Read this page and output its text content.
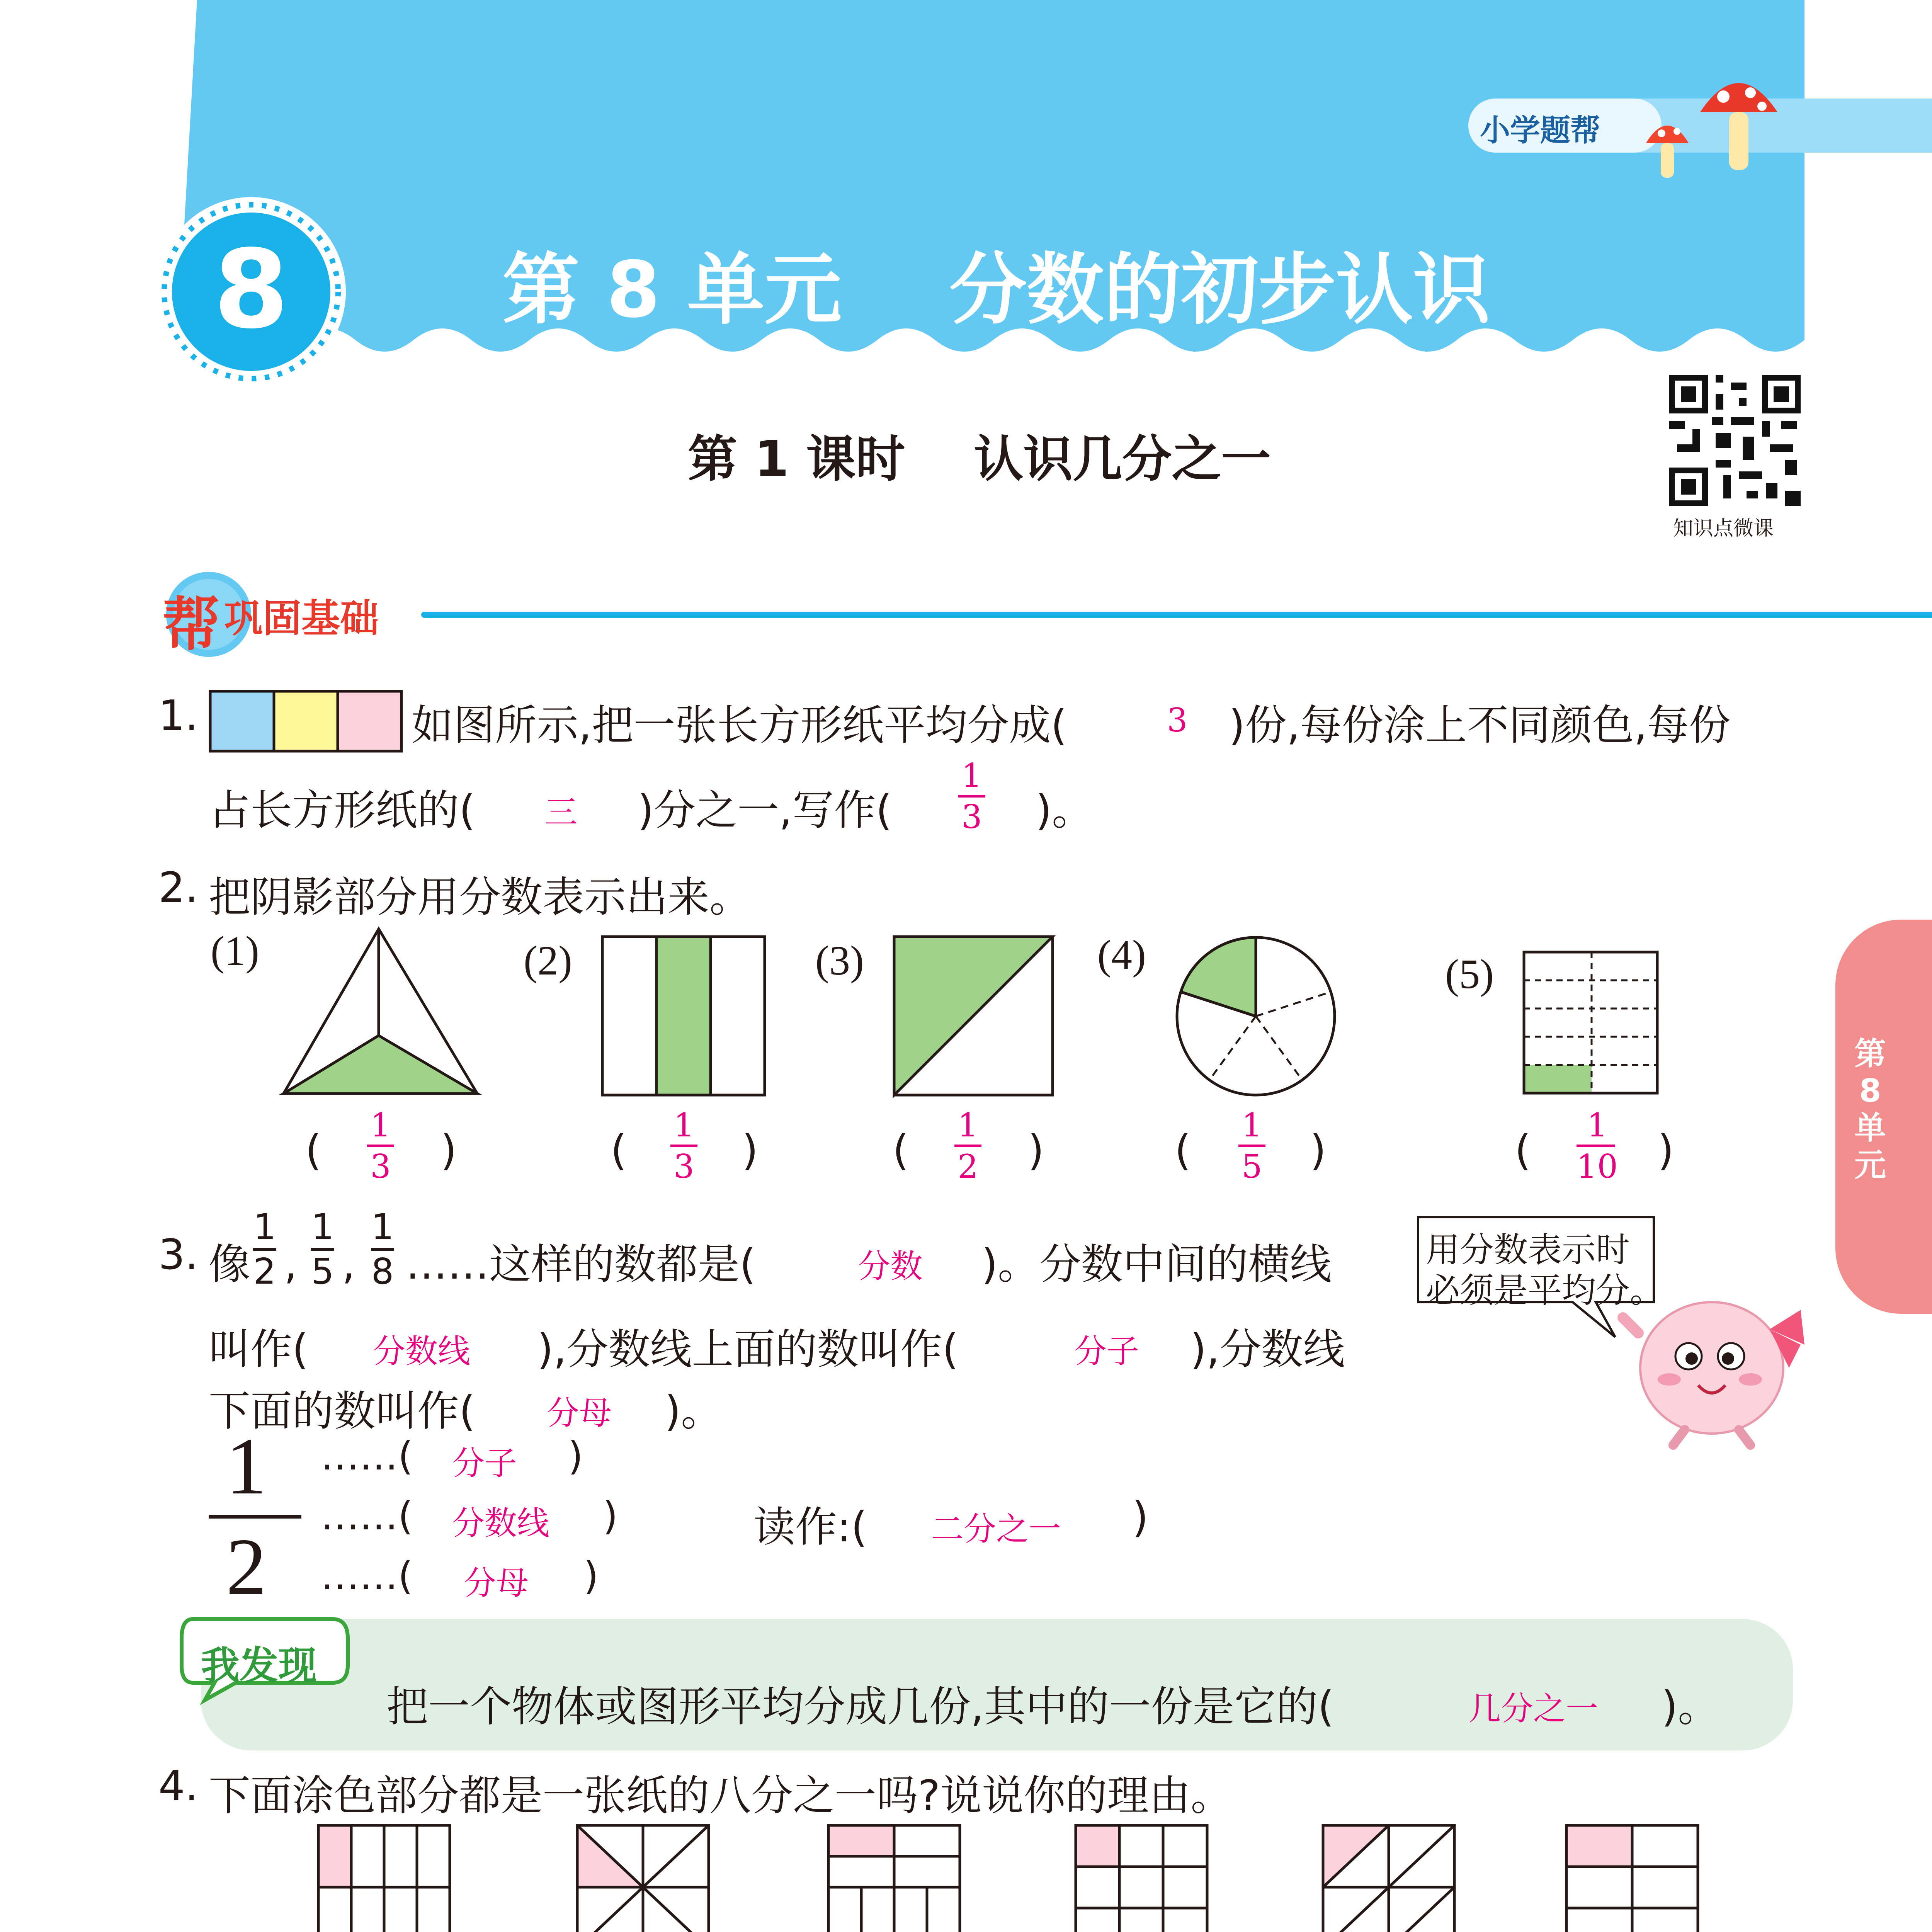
小学题帮
8	第 8 单元    分数的初步认识
第 1 课时    认识几分之一
知识点微课
第8单元
帮 巩固基础
1.	如图所示,把一张长方形纸平均分成(	3 )份,每份涂上不同颜色,每份
占长方形纸的( 三 )分之一,写作(
1
3 )。
2. 把阴影部分用分数表示出来。
(1)	(2)	(3)	(4)	(5)
(
1
3 )	(
1
3 )	(
1
2 )	(
1
5 )	(
1
10 )
3. 像
1
2 ,
1
5 ,
1
8 ……这样的数都是(	分数 )。分数中间的横线
叫作( 分数线 ),分数线上面的数叫作(	分子 ),分数线
下面的数叫作( 分母 )。
1
2
……( 分子 )
……( 分数线 )
……( 分母 )
读作:( 二分之一 )
用分数表示时
必须是平均分。
我发现
把一个物体或图形平均分成几份,其中的一份是它的(	几分之一 )。
4. 下面涂色部分都是一张纸的八分之一吗?说说你的理由。
